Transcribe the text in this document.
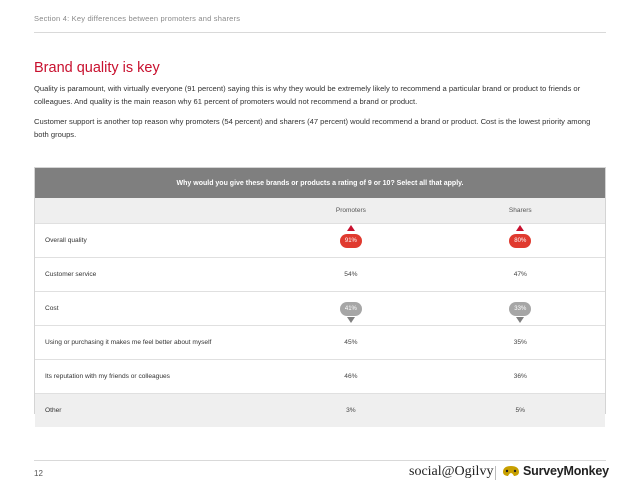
Section 4: Key differences between promoters and sharers
Brand quality is key

Quality is paramount, with virtually everyone (91 percent) saying this is why they would be extremely likely to recommend a particular brand or product to friends or colleagues. And quality is the main reason why 61 percent of promoters would not recommend a brand or product.

Customer support is another top reason why promoters (54 percent) and sharers (47 percent) would recommend a brand or product. Cost is the lowest priority among both groups.

Why would you give these brands or products a rating of 9 or 10? Select all that apply.
Promoters	Sharers
Overall quality	91%	80%
Customer service	54%	47%
Cost	41%	33%
Using or purchasing it makes me feel better about myself	45%	35%
Its reputation with my friends or colleagues	46%	36%
Other	3%	5%
12	social@Ogilvy SurveyMonkey
